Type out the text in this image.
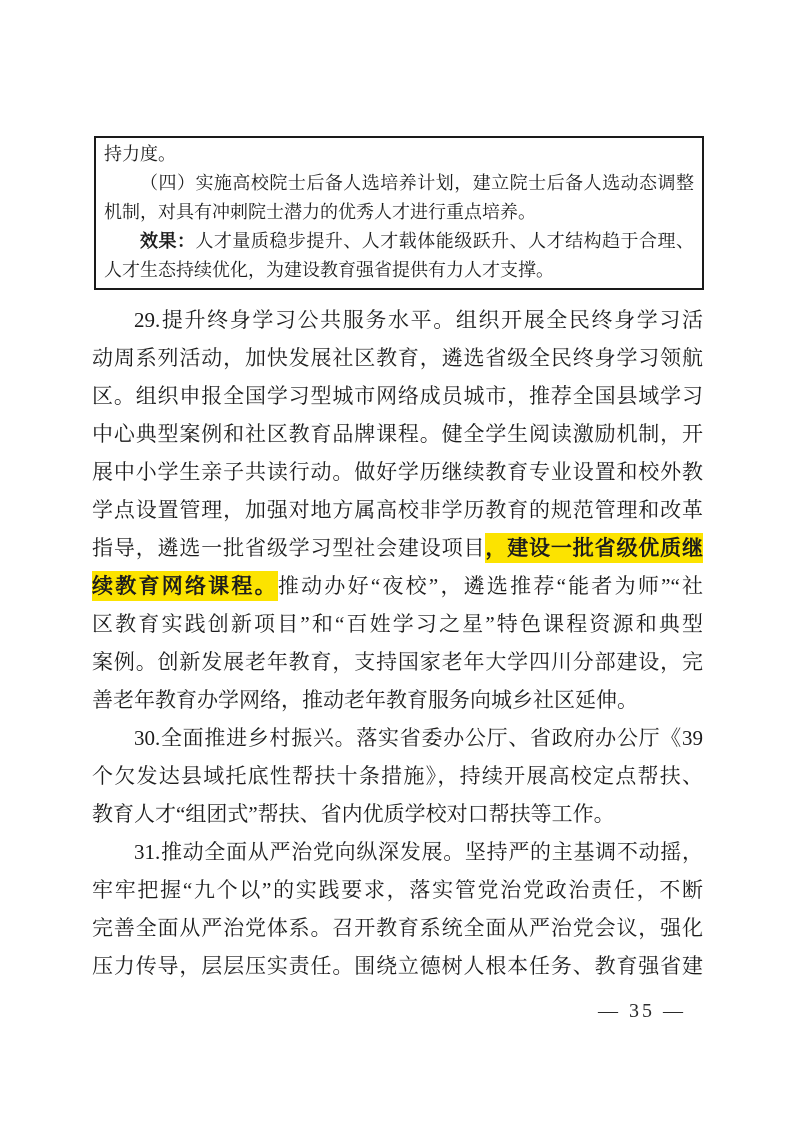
持力度。
（四）实施高校院士后备人选培养计划，建立院士后备人选动态调整
机制，对具有冲刺院士潜力的优秀人才进行重点培养。
效果：人才量质稳步提升、人才载体能级跃升、人才结构趋于合理、
人才生态持续优化，为建设教育强省提供有力人才支撑。
29.提升终身学习公共服务水平。组织开展全民终身学习活
动周系列活动，加快发展社区教育，遴选省级全民终身学习领航
区。组织申报全国学习型城市网络成员城市，推荐全国县域学习
中心典型案例和社区教育品牌课程。健全学生阅读激励机制，开
展中小学生亲子共读行动。做好学历继续教育专业设置和校外教
学点设置管理，加强对地方属高校非学历教育的规范管理和改革
指导，遴选一批省级学习型社会建设项目，建设一批省级优质继
续教育网络课程。推动办好“夜校”，遴选推荐“能者为师”“社
区教育实践创新项目”和“百姓学习之星”特色课程资源和典型
案例。创新发展老年教育，支持国家老年大学四川分部建设，完
善老年教育办学网络，推动老年教育服务向城乡社区延伸。
30.全面推进乡村振兴。落实省委办公厅、省政府办公厅《39
个欠发达县域托底性帮扶十条措施》，持续开展高校定点帮扶、
教育人才“组团式”帮扶、省内优质学校对口帮扶等工作。
31.推动全面从严治党向纵深发展。坚持严的主基调不动摇，
牢牢把握“九个以”的实践要求，落实管党治党政治责任，不断
完善全面从严治党体系。召开教育系统全面从严治党会议，强化
压力传导，层层压实责任。围绕立德树人根本任务、教育强省建
— 35 —
